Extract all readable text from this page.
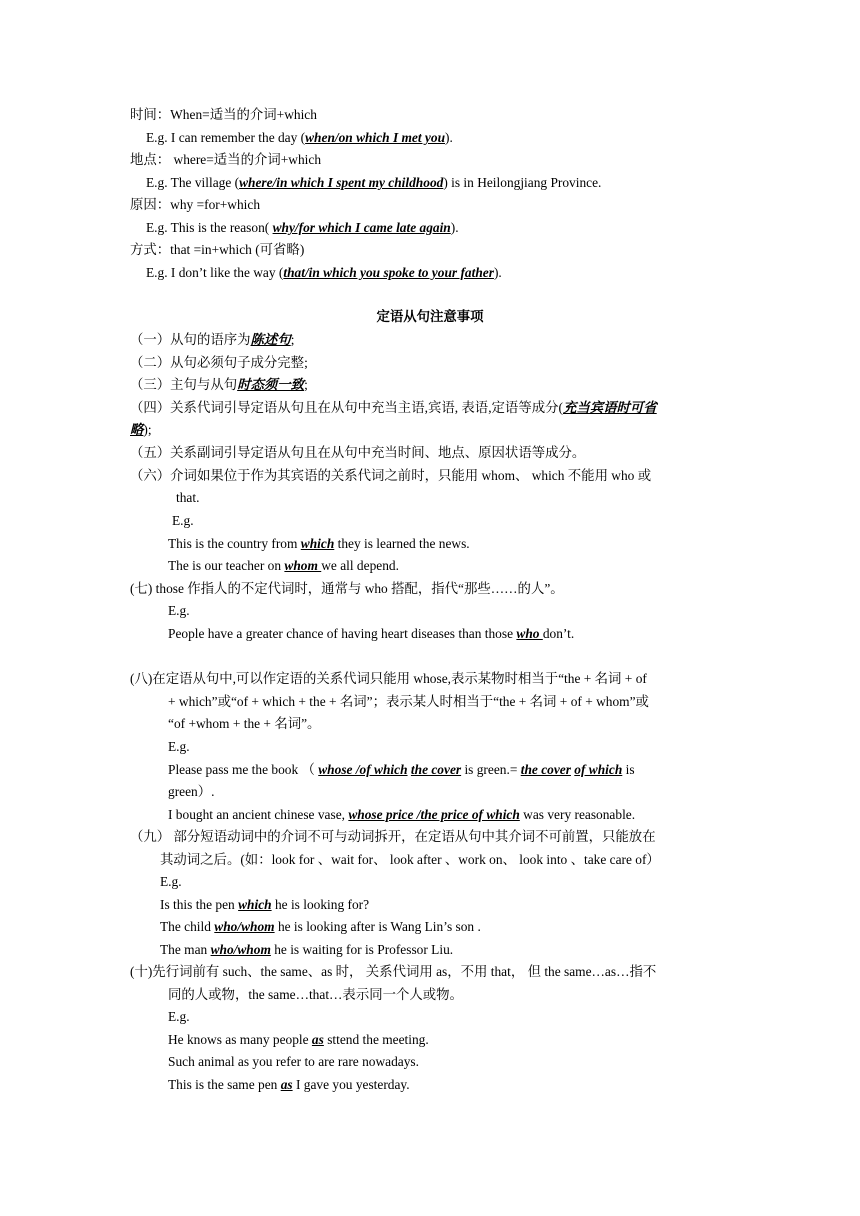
时间：When=适当的介词+which
E.g. I can remember the day (when/on which I met you).
地点： where=适当的介词+which
E.g. The village (where/in which I spent my childhood) is in Heilongjiang Province.
原因：why =for+which
E.g. This is the reason( why/for which I came late again).
方式：that =in+which (可省略)
E.g. I don’t like the way (that/in which you spoke to your father).
定语从句注意事项
（一）从句的语序为陈述句;
（二）从句必须句子成分完整;
（三）主句与从句时态须一致;
（四）关系代词引导定语从句且在从句中充当主语,宾语, 表语,定语等成分(充当宾语时可省
略);
（五）关系副词引导定语从句且在从句中充当时间、地点、原因状语等成分。
（六）介词如果位于作为其宾语的关系代词之前时，只能用 whom、 which 不能用 who 或
that.
E.g.
This is the country from which they is learned the news.
The is our teacher on whom we all depend.
(七) those 作指人的不定代词时，通常与 who 搭配，指代“那些……的人”。
E.g.
People have a greater chance of having heart diseases than those who don’t.
(八)在定语从句中,可以作定语的关系代词只能用 whose,表示某物时相当于“the + 名词 + of
+ which”或“of + which + the + 名词”；表示某人时相当于“the + 名词 + of + whom”或
“of +whom + the + 名词”。
E.g.
Please pass me the book （ whose /of which the cover is green.= the cover of which is
green）.
I bought an ancient chinese vase, whose price /the price of which was very reasonable.
（九） 部分短语动词中的介词不可与动词拆开，在定语从句中其介词不可前置，只能放在
其动词之后。(如：look for 、wait for、 look after 、work on、 look into 、take care of）
E.g.
Is this the pen which he is looking for?
The child who/whom he is looking after is Wang Lin’s son .
The man who/whom he is waiting for is Professor Liu.
(十)先行词前有 such、the same、as 时， 关系代词用 as，不用 that， 但 the same…as…指不
同的人或物，the same…that…表示同一个人或物。
E.g.
He knows as many people as sttend the meeting.
Such animal as you refer to are rare nowadays.
This is the same pen as I gave you yesterday.
